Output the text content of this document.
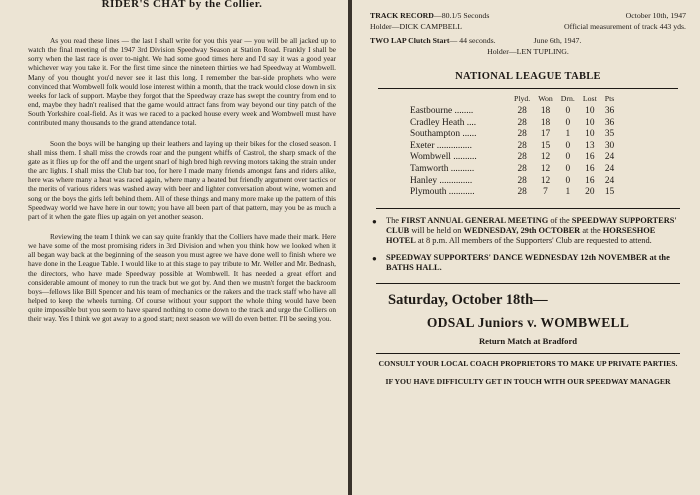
RIDER'S CHAT by the Collier.

As you read these lines — the last I shall write for you this year — you will be all jacked up to watch the final meeting of the 1947 3rd Division Speedway Season at Station Road. Frankly I shall be sorry when the last race is over to-night. We had some good times here and I'd say it was a good year whichever way you take it. For the first time since the nineteen thirties we had Speedway at Wombwell. Many of you thought you'd never see it last this long. I remember the bar-side prophets who were convinced that Wombwell folk would lose interest within a month, that the track would close down in six weeks for lack of support. Maybe they forgot that the Speedway craze has swept the country from end to end, maybe they hadn't realised that the game would attract fans from way beyond our tiny patch of the South Yorkshire coal-field. As it was we raced to a packed house every week and Wombwell must have contributed many thousands to the grand attendance total.

Soon the boys will be hanging up their leathers and laying up their bikes for the closed season. I shall miss them. I shall miss the crowds roar and the pungent whiffs of Castrol, the sharp smack of the gate as it flies up for the off and the urgent snarl of high bred high revving motors taking the strain under the arc lights. I shall miss the Club bar too, for here I made many friends amongst fans and riders alike, here was where many a heat was raced again, where many a heated but friendly argument over tactics or the merits of various riders was washed away with beer and lighter conversation about wine, women and song or the boys the girls left behind them. All of these things and many more make up the pattern of this Speedway world we have here in our town; you have all been part of that pattern, may you be as much a part of it when the gate flies up again on yet another season.

Reviewing the team I think we can say quite frankly that the Colliers have made their mark. Here we have some of the most promising riders in 3rd Division and when you think how we looked when it all began way back at the beginning of the season you must agree we have done well to finish where we have done in the League Table. I would like to at this stage to pay tribute to Mr. Weller and Mr. Bednash, the directors, who have made Speedway possible at Wombwell. It has needed a great effort and considerable amount of money to run the track but we got by. And then we mustn't forget the backroom boys—fellows like Bill Spencer and his team of mechanics or the rakers and the track staff who have all helped to keep the wheels turning. Of course without your support the whole thing would have been quite impossible but you seem to have spared nothing to come down to the track and urge the Colliers on their way. Yes I think we got away to a good start; next season we will do even better. I'll be seeing you.

TRACK RECORD—80.1/5 Seconds	October 10th, 1947
Holder—DICK CAMPBELL	Official measurement of track 443 yds.
TWO LAP Clutch Start— 44 seconds.	June 6th, 1947.
Holder—LEN TUPLING.
NATIONAL LEAGUE TABLE
	Plyd.	Won	Drn.	Lost	Pts
Eastbourne ........	28	18	0	10	36
Cradley Heath ....	28	18	0	10	36
Southampton ......	28	17	1	10	35
Exeter ...............	28	15	0	13	30
Wombwell ..........	28	12	0	16	24
Tamworth ..........	28	12	0	16	24
Hanley ..............	28	12	0	16	24
Plymouth ...........	28	7	1	20	15
● The FIRST ANNUAL GENERAL MEETING of the SPEEDWAY SUPPORTERS' CLUB will be held on WEDNESDAY, 29th OCTOBER at the HORSESHOE HOTEL at 8 p.m. All members of the Supporters' Club are requested to attend.
● SPEEDWAY SUPPORTERS' DANCE WEDNESDAY 12th NOVEMBER at the BATHS HALL.
Saturday, October 18th—
ODSAL Juniors v. WOMBWELL
Return Match at Bradford
CONSULT YOUR LOCAL COACH PROPRIETORS TO MAKE UP PRIVATE PARTIES.
IF YOU HAVE DIFFICULTY GET IN TOUCH WITH OUR SPEEDWAY MANAGER
